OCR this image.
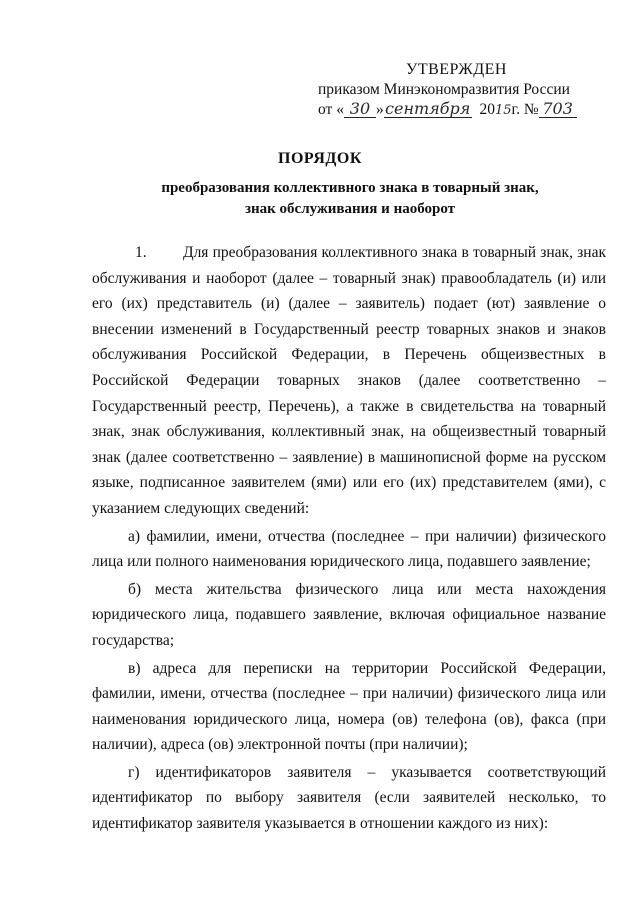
УТВЕРЖДЕН
приказом Минэкономразвития России
от « 30 »сентября 2015г. № 703
ПОРЯДОК
преобразования коллективного знака в товарный знак, знак обслуживания и наоборот

1. Для преобразования коллективного знака в товарный знак, знак обслуживания и наоборот (далее – товарный знак) правообладатель (и) или его (их) представитель (и) (далее – заявитель) подает (ют) заявление о внесении изменений в Государственный реестр товарных знаков и знаков обслуживания Российской Федерации, в Перечень общеизвестных в Российской Федерации товарных знаков (далее соответственно – Государственный реестр, Перечень), а также в свидетельства на товарный знак, знак обслуживания, коллективный знак, на общеизвестный товарный знак (далее соответственно – заявление) в машинописной форме на русском языке, подписанное заявителем (ями) или его (их) представителем (ями), с указанием следующих сведений:

а) фамилии, имени, отчества (последнее – при наличии) физического лица или полного наименования юридического лица, подавшего заявление;

б) места жительства физического лица или места нахождения юридического лица, подавшего заявление, включая официальное название государства;

в) адреса для переписки на территории Российской Федерации, фамилии, имени, отчества (последнее – при наличии) физического лица или наименования юридического лица, номера (ов) телефона (ов), факса (при наличии), адреса (ов) электронной почты (при наличии);

г) идентификаторов заявителя – указывается соответствующий идентификатор по выбору заявителя (если заявителей несколько, то идентификатор заявителя указывается в отношении каждого из них):
